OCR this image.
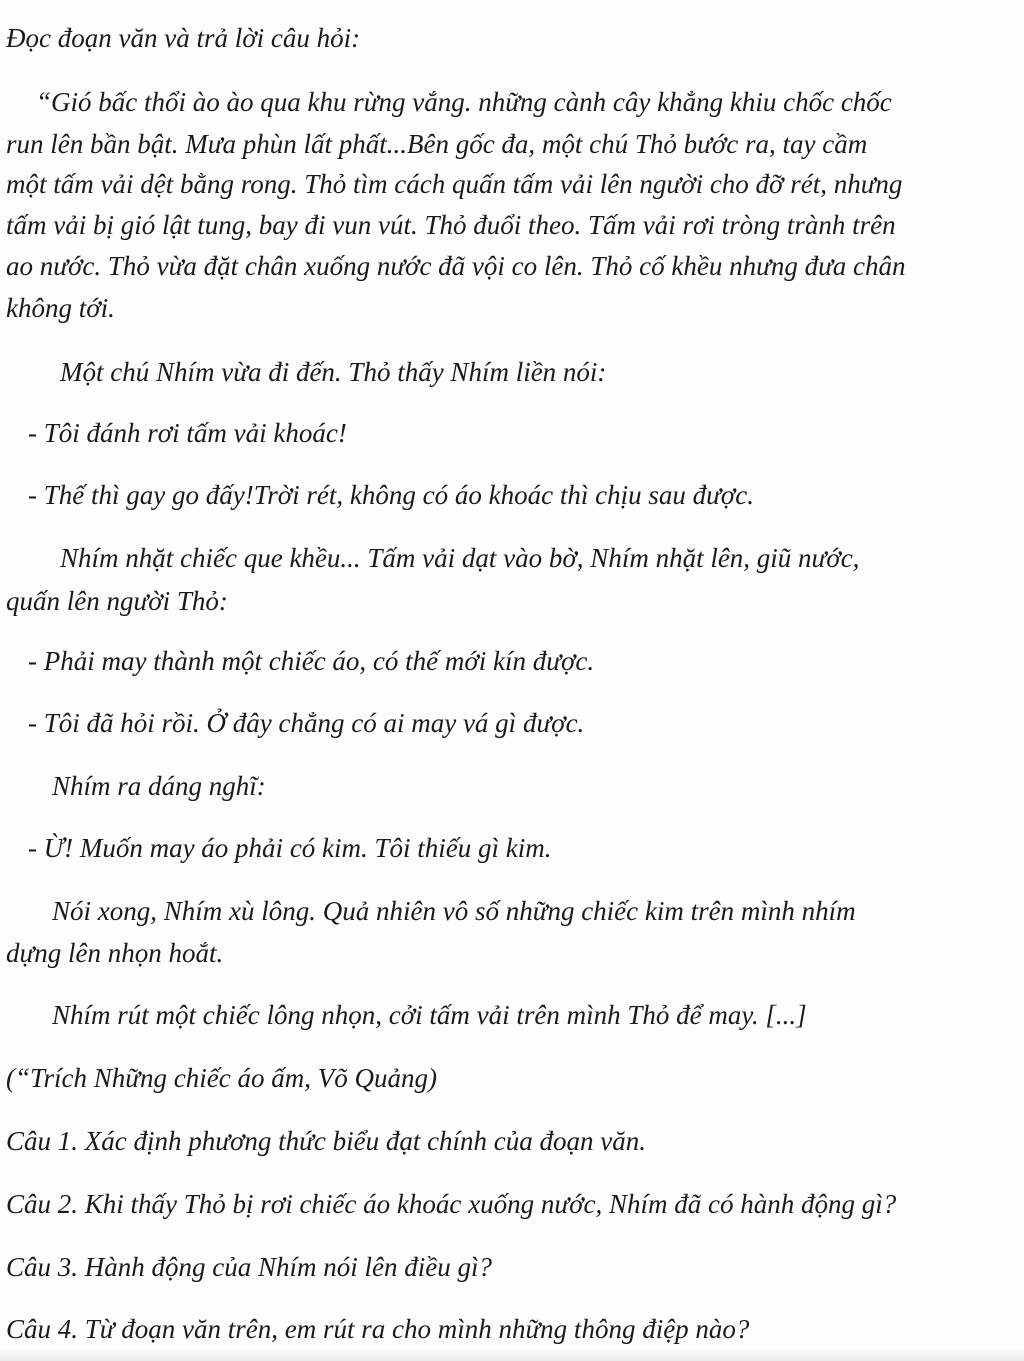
Đọc đoạn văn và trả lời câu hỏi:

“Gió bấc thổi ào ào qua khu rừng vắng. những cành cây khẳng khiu chốc chốc

run lên bần bật. Mưa phùn lất phất...Bên gốc đa, một chú Thỏ bước ra, tay cầm

một tấm vải dệt bằng rong. Thỏ tìm cách quấn tấm vải lên người cho đỡ rét, nhưng

tấm vải bị gió lật tung, bay đi vun vút. Thỏ đuổi theo. Tấm vải rơi tròng trành trên

ao nước. Thỏ vừa đặt chân xuống nước đã vội co lên. Thỏ cố khều nhưng đưa chân

không tới.

Một chú Nhím vừa đi đến. Thỏ thấy Nhím liền nói:

- Tôi đánh rơi tấm vải khoác!

- Thế thì gay go đấy!Trời rét, không có áo khoác thì chịu sau được.

Nhím nhặt chiếc que khều... Tấm vải dạt vào bờ, Nhím nhặt lên, giũ nước,

quấn lên người Thỏ:

- Phải may thành một chiếc áo, có thế mới kín được.

- Tôi đã hỏi rồi. Ở đây chẳng có ai may vá gì được.

Nhím ra dáng nghĩ:

- Ừ! Muốn may áo phải có kim. Tôi thiếu gì kim.

Nói xong, Nhím xù lông. Quả nhiên vô số những chiếc kim trên mình nhím

dựng lên nhọn hoắt.

Nhím rút một chiếc lông nhọn, cởi tấm vải trên mình Thỏ để may. [...]

(“Trích Những chiếc áo ấm, Võ Quảng)

Câu 1. Xác định phương thức biểu đạt chính của đoạn văn.

Câu 2. Khi thấy Thỏ bị rơi chiếc áo khoác xuống nước, Nhím đã có hành động gì?

Câu 3. Hành động của Nhím nói lên điều gì?

Câu 4. Từ đoạn văn trên, em rút ra cho mình những thông điệp nào?
